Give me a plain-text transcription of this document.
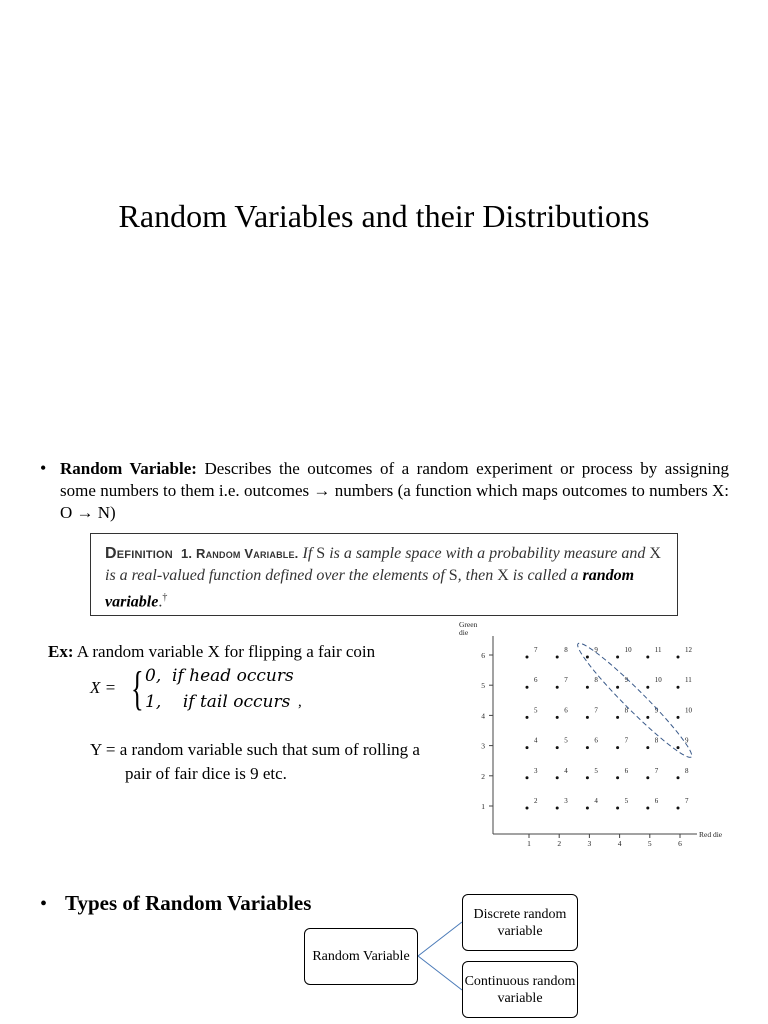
Random Variables and their Distributions
• Random Variable: Describes the outcomes of a random experiment or process by assigning some numbers to them i.e. outcomes → numbers (a function which maps outcomes to numbers X: O → N)
Definition 1. Random Variable. If S is a sample space with a probability measure and X is a real-valued function defined over the elements of S, then X is called a random variable.†
Ex: A random variable X for flipping a fair coin
X = { 0,  if head occurs
1,    if tail occurs ,
Y = a random variable such that sum of rolling a
pair of fair dice is 9 etc.
Green die
Red die
1	2	3	4	5	6
1
2
3
4
5
6
2	3	4	5	6	7
3	4	5	6	7	8
4	5	6	7	8	9
5	6	7	8	9	10
6	7	8	9	10	11
7	8	9	10	11	12
• Types of Random Variables
Random Variable
Discrete random variable
Continuous random variable
